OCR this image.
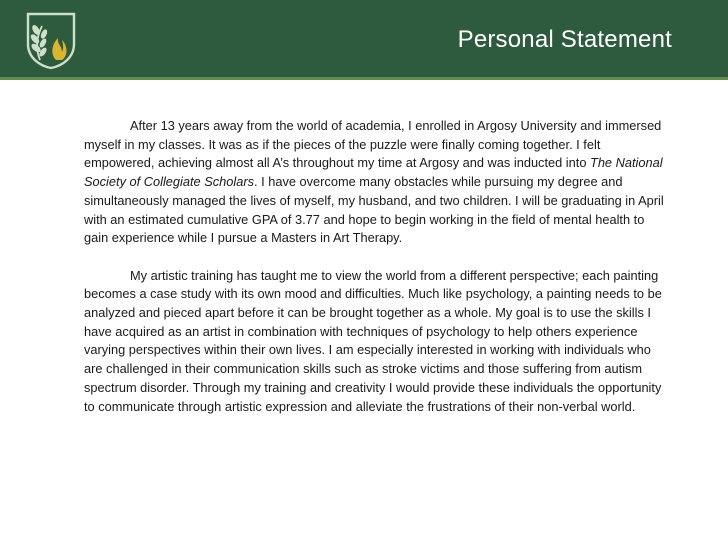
Personal Statement

After 13 years away from the world of academia, I enrolled in Argosy University and immersed myself in my classes. It was as if the pieces of the puzzle were finally coming together. I felt empowered, achieving almost all A’s throughout my time at Argosy and was inducted into The National Society of Collegiate Scholars. I have overcome many obstacles while pursuing my degree and simultaneously managed the lives of myself, my husband, and two children. I will be graduating in April with an estimated cumulative GPA of 3.77 and hope to begin working in the field of mental health to gain experience while I pursue a Masters in Art Therapy.

My artistic training has taught me to view the world from a different perspective; each painting becomes a case study with its own mood and difficulties. Much like psychology, a painting needs to be analyzed and pieced apart before it can be brought together as a whole. My goal is to use the skills I have acquired as an artist in combination with techniques of psychology to help others experience varying perspectives within their own lives. I am especially interested in working with individuals who are challenged in their communication skills such as stroke victims and those suffering from autism spectrum disorder. Through my training and creativity I would provide these individuals the opportunity to communicate through artistic expression and alleviate the frustrations of their non-verbal world.
